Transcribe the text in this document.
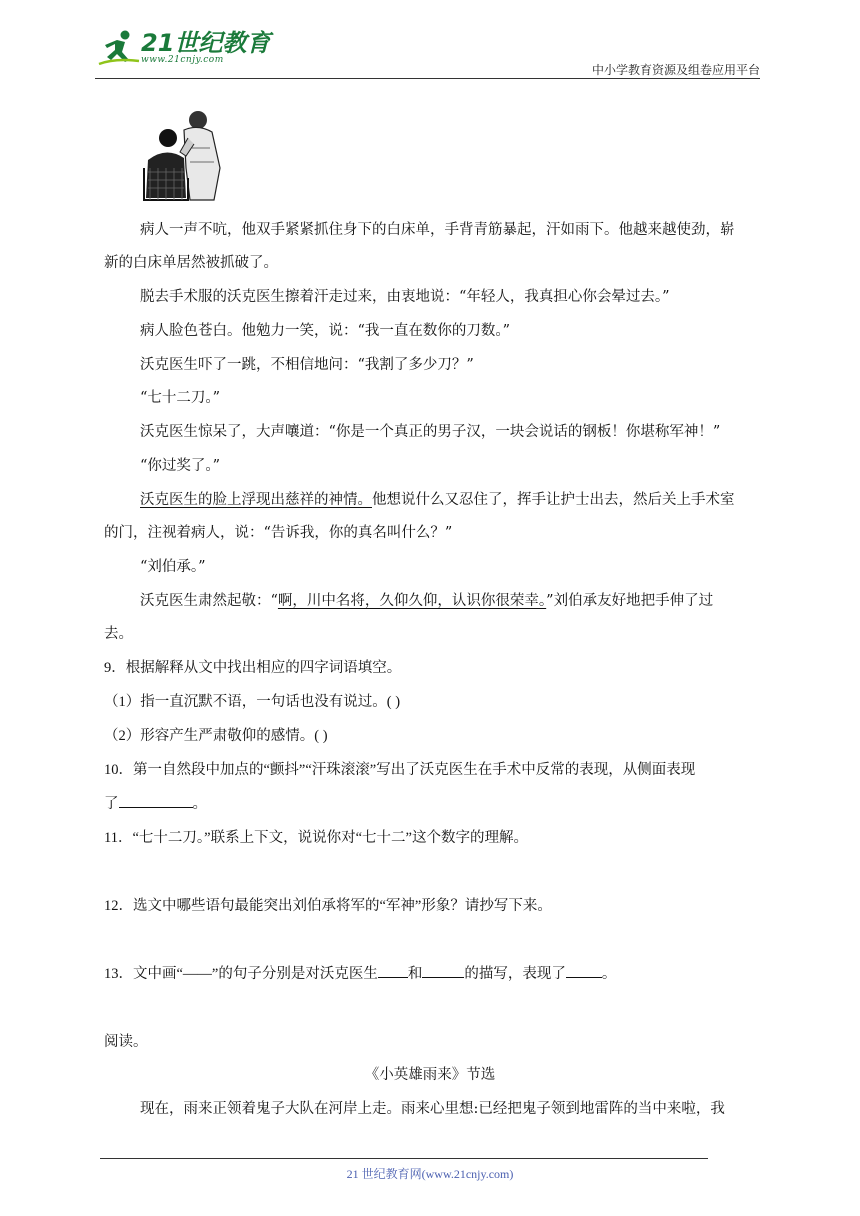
21世纪教育
www.21cnjy.com
中小学教育资源及组卷应用平台
病人一声不吭，他双手紧紧抓住身下的白床单，手背青筋暴起，汗如雨下。他越来越使劲，崭
新的白床单居然被抓破了。
脱去手术服的沃克医生擦着汗走过来，由衷地说：“年轻人，我真担心你会晕过去。”
病人脸色苍白。他勉力一笑，说：“我一直在数你的刀数。”
沃克医生吓了一跳，不相信地问：“我割了多少刀？”
“七十二刀。”
沃克医生惊呆了，大声嚷道：“你是一个真正的男子汉，一块会说话的钢板！你堪称军神！”
“你过奖了。”
沃克医生的脸上浮现出慈祥的神情。他想说什么又忍住了，挥手让护士出去，然后关上手术室
的门，注视着病人，说：“告诉我，你的真名叫什么？”
“刘伯承。”
沃克医生肃然起敬：“啊，川中名将，久仰久仰，认识你很荣幸。”刘伯承友好地把手伸了过
去。
9．根据解释从文中找出相应的四字词语填空。
（1）指一直沉默不语，一句话也没有说过。( )
（2）形容产生严肃敬仰的感情。( )
10．第一自然段中加点的“颤抖”“汗珠滚滚”写出了沃克医生在手术中反常的表现，从侧面表现
了	。
11．“七十二刀。”联系上下文，说说你对“七十二”这个数字的理解。
12．选文中哪些语句最能突出刘伯承将军的“军神”形象？请抄写下来。
13．文中画“——”的句子分别是对沃克医生 和	的描写，表现了 。
阅读。
《小英雄雨来》节选
现在，雨来正领着鬼子大队在河岸上走。雨来心里想:已经把鬼子领到地雷阵的当中来啦，我
21 世纪教育网(www.21cnjy.com)
